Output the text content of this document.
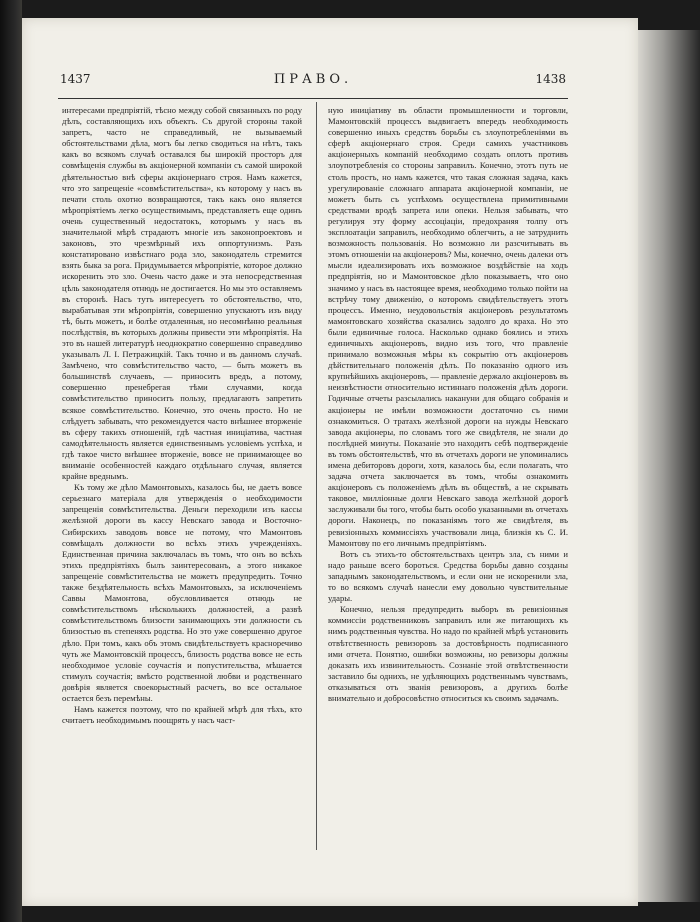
1437	ПРАВО.	1438

интересами предпріятій, тѣсно между собой связанныхъ по роду дѣлъ, составляющихъ ихъ объектъ. Съ другой стороны такой запретъ, часто не справедливый, не вызываемый обстоятельствами дѣла, могъ бы легко сводиться на нѣтъ, такъ какъ во всякомъ случаѣ оставался бы широкій просторъ для совмѣщенія службы въ акціонерной компаніи съ самой широкой дѣятельностью внѣ сферы акціонернаго строя. Намъ кажется, что это запрещеніе «совмѣстительства», къ которому у насъ въ печати столь охотно возвращаются, такъ какъ оно является мѣропріятіемъ легко осуществимымъ, представляетъ еще одинъ очень существенный недостатокъ, которымъ у насъ въ значительной мѣрѣ страдаютъ многіе изъ законопроектовъ и законовъ, это чрезмѣрный ихъ оппортунизмъ. Разъ констатировано извѣстнаго рода зло, законодатель стремится взять быка за рога. Придумывается мѣропріятіе, которое должно искоренить это зло. Очень часто даже и эта непосредственная цѣль законодателя отнюдь не достигается. Но мы это оставляемъ въ сторонѣ. Насъ тутъ интересуетъ то обстоятельство, что, вырабатывая эти мѣропріятія, совершенно упускаютъ изъ виду тѣ, быть можетъ, и болѣе отдаленныя, но несомнѣнно реальныя послѣдствія, въ которыхъ должны привести эти мѣропріятія. На это въ нашей литературѣ неоднократно совершенно справедливо указывалъ Л. І. Петражицкій. Такъ точно и въ данномъ случаѣ. Замѣчено, что совмѣстительство часто, — быть можетъ въ большинствѣ случаевъ, — приноситъ вредъ, а потому, совершенно пренебрегая тѣми случаями, когда совмѣстительство приноситъ пользу, предлагаютъ запретить всякое совмѣстительство. Конечно, это очень просто. Но не слѣдуетъ забывать, что рекомендуется часто внѣшнее вторженіе въ сферу такихъ отношеній, гдѣ частная иниціатива, частная самодѣятельность является единственнымъ условіемъ успѣха, и гдѣ такое чисто внѣшнее вторженіе, вовсе не принимающее во вниманіе особенностей каждаго отдѣльнаго случая, является крайне вреднымъ.

Къ тому же дѣло Мамонтовыхъ, казалось бы, не даетъ вовсе серьезнаго матеріала для утвержденія о необходимости запрещенія совмѣстительства. Деньги переходили изъ кассы желѣзной дороги въ кассу Невскаго завода и Восточно-Сибирскихъ заводовъ вовсе не потому, что Мамонтовъ совмѣщалъ должности во всѣхъ этихъ учрежденіяхъ. Единственная причина заключалась въ томъ, что онъ во всѣхъ этихъ предпріятіяхъ былъ заинтересованъ, а этого никакое запрещеніе совмѣстительства не можетъ предупредить. Точно также бездѣятельность всѣхъ Мамонтовыхъ, за исключеніемъ Саввы Мамонтова, обусловливается отнюдь не совмѣстительствомъ нѣсколькихъ должностей, а развѣ совмѣстительствомъ близости занимающихъ эти должности съ близостью въ степеняхъ родства. Но это уже совершенно другое дѣло. При томъ, какъ объ этомъ свидѣтельствуетъ красноречиво чуть же Мамонтовскій процессъ, близость родства вовсе не есть необходимое условіе соучастія и попустительства, мѣшается стимулъ соучастія; вмѣсто родственной любви и родственнаго довѣрія является своекорыстный расчетъ, во все остальное остается безъ перемѣны.

Намъ кажется поэтому, что по крайней мѣрѣ для тѣхъ, кто считаетъ необходимымъ поощрять у насъ част-

ную иниціативу въ области промышленности и торговли, Мамонтовскій процессъ выдвигаетъ впередъ необходимость совершенно иныхъ средствъ борьбы съ злоупотребленіями въ сферѣ акціонернаго строя. Среди самихъ участниковъ акціонерныхъ компаній необходимо создать оплотъ противъ злоупотребленія со стороны заправилъ. Конечно, этотъ путь не столь простъ, но намъ кажется, что такая сложная задача, какъ урегулированіе сложнаго аппарата акціонерной компаніи, не можетъ быть съ успѣхомъ осуществлена примитивными средствами вродѣ запрета или опеки. Нельзя забывать, что регулируя эту форму ассоціаціи, предохраняя толпу отъ эксплоатаціи заправилъ, необходимо облегчить, а не затруднить возможность пользованія. Но возможно ли разсчитывать въ этомъ отношеніи на акціонеровъ? Мы, конечно, очень далеки отъ мысли идеализировать ихъ возможное воздѣйствіе на ходъ предпріятія, но и Мамонтовское дѣло показываетъ, что оно значимо у насъ въ настоящее время, необходимо только пойти на встрѣчу тому движенію, о которомъ свидѣтельствуетъ этотъ процессъ. Именно, неудовольствія акціонеровъ результатомъ мамонтовскаго хозяйства сказались задолго до краха. Но это были единичные голоса. Насколько однако боялись и этихъ единичныхъ акціонеровъ, видно изъ того, что правленіе принимало возможныя мѣры къ сокрытію отъ акціонеровъ дѣйствительнаго положенія дѣлъ. По показанію одного изъ крупнѣйшихъ акціонеровъ, — правленіе держало акціонеровъ въ неизвѣстности относительно истиннаго положенія дѣлъ дороги. Годичные отчеты разсылались накануни для общаго собранія и акціонеры не имѣли возможности достаточно съ ними ознакомиться. О тратахъ желѣзной дороги на нужды Невскаго завода акціонеры, по словамъ того же свидѣтеля, не знали до послѣдней минуты. Показаніе это находитъ себѣ подтвержденіе въ томъ обстоятельствѣ, что въ отчетахъ дороги не упоминались имена дебиторовъ дороги, хотя, казалось бы, если полагать, что задача отчета заключается въ томъ, чтобы ознакомить акціонеровъ съ положеніемъ дѣлъ въ обществѣ, а не скрывать таковое, милліонные долги Невскаго завода желѣзной дорогѣ заслуживали бы того, чтобы быть особо указанными въ отчетахъ дороги. Наконецъ, по показаніямъ того же свидѣтеля, въ ревизіонныхъ коммиссіяхъ участвовали лица, близкія къ С. И. Мамонтову по его личнымъ предпріятіямъ.

Вотъ съ этихъ-то обстоятельствахъ центръ зла, съ ними и надо раньше всего бороться. Средства борьбы давно созданы западнымъ законодательствомъ, и если они не искоренили зла, то во всякомъ случаѣ нанесли ему довольно чувствительные удары.

Конечно, нельзя предупредить выборъ въ ревизіонныя коммиссіи родственниковъ заправилъ или же питающихъ къ нимъ родственныя чувства. Но надо по крайней мѣрѣ установить отвѣтственность ревизоровъ за достовѣрность подписанного ими отчета. Понятно, ошибки возможны, но ревизоры должны доказать ихъ извинительность. Сознаніе этой отвѣтственности заставило бы однихъ, не удѣляющихъ родственнымъ чувствамъ, отказываться отъ званія ревизоровъ, а другихъ болѣе внимательно и добросовѣстно относиться къ своимъ задачамъ.
